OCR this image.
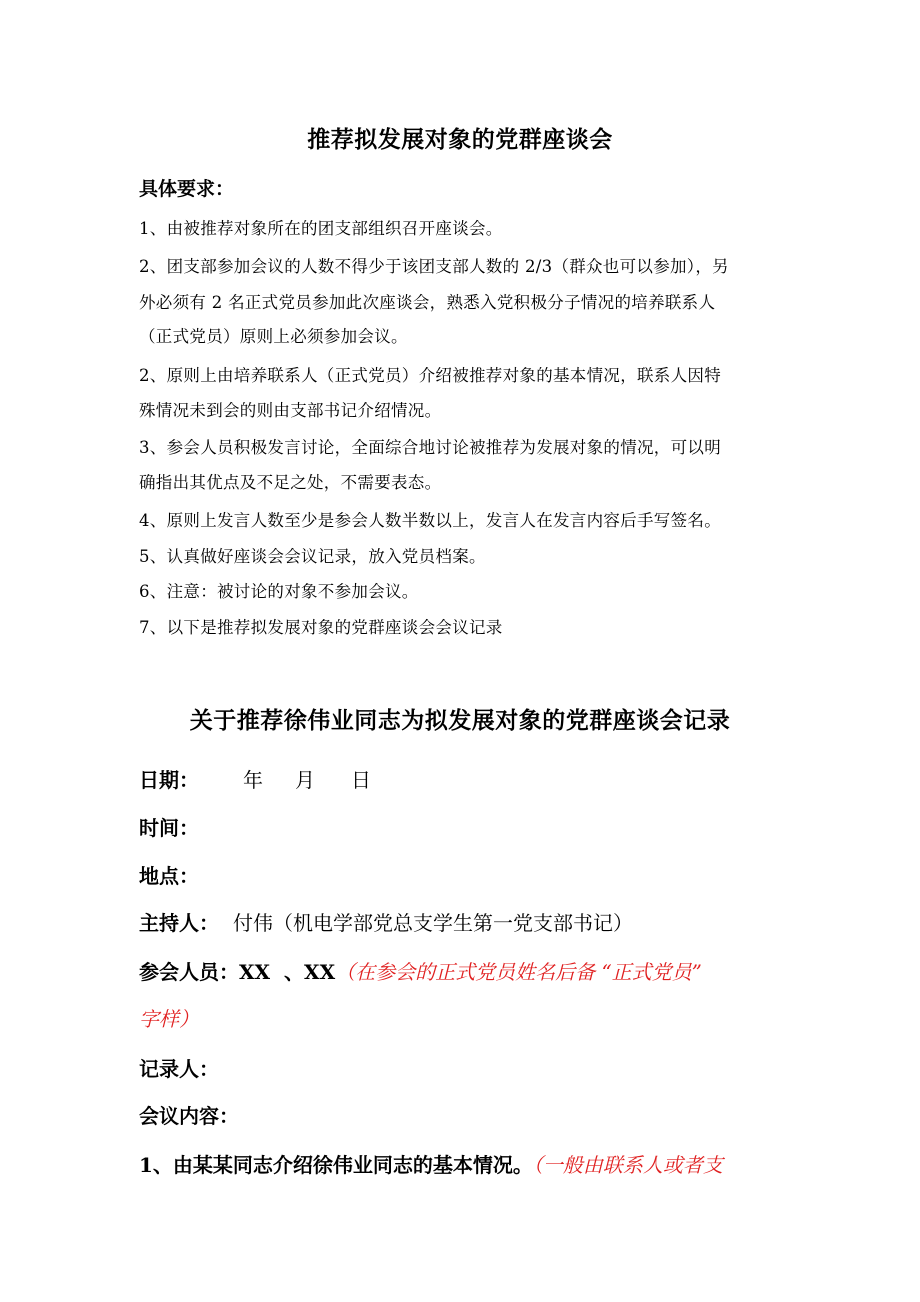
推荐拟发展对象的党群座谈会
具体要求：
1、由被推荐对象所在的团支部组织召开座谈会。
2、团支部参加会议的人数不得少于该团支部人数的 2/3（群众也可以参加），另
外必须有 2 名正式党员参加此次座谈会，熟悉入党积极分子情况的培养联系人
（正式党员）原则上必须参加会议。
2、原则上由培养联系人（正式党员）介绍被推荐对象的基本情况，联系人因特
殊情况未到会的则由支部书记介绍情况。
3、参会人员积极发言讨论，全面综合地讨论被推荐为发展对象的情况，可以明
确指出其优点及不足之处，不需要表态。
4、原则上发言人数至少是参会人数半数以上，发言人在发言内容后手写签名。
5、认真做好座谈会会议记录，放入党员档案。
6、注意：被讨论的对象不参加会议。
7、以下是推荐拟发展对象的党群座谈会会议记录
关于推荐徐伟业同志为拟发展对象的党群座谈会记录
日期： 年 月 日
时间：
地点：
主持人： 付伟（机电学部党总支学生第一党支部书记）
参会人员：XX 、XX（在参会的正式党员姓名后备 “正式党员”
字样）
记录人：
会议内容：
1、由某某同志介绍徐伟业同志的基本情况。（一般由联系人或者支
